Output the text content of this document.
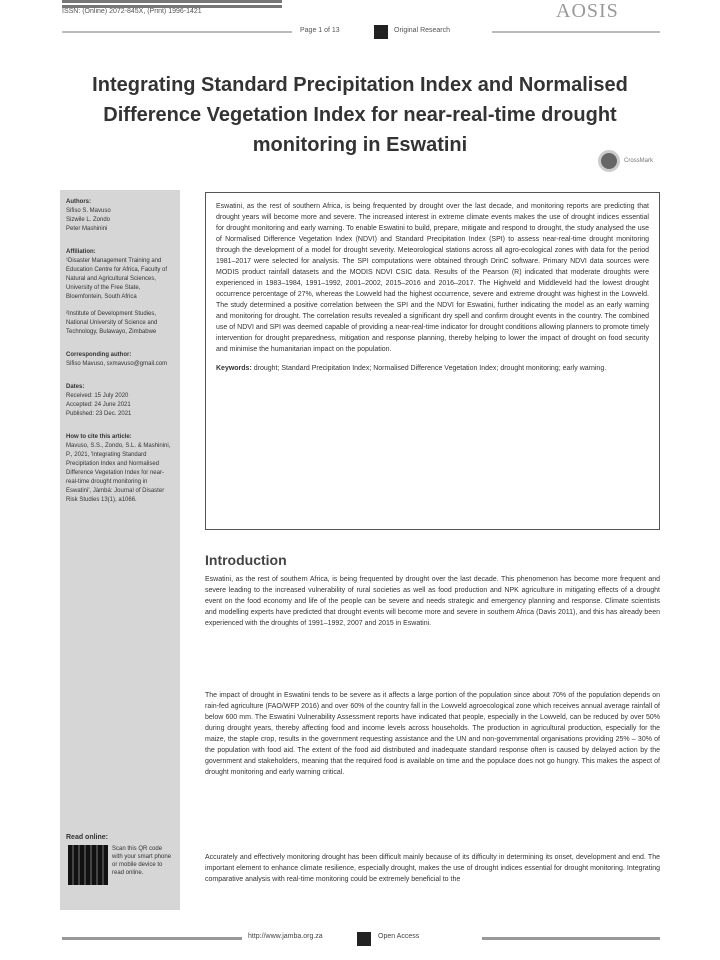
ISSN: (Online) 2072-845X, (Print) 1996-1421	AOSIS
Page 1 of 13	Original Research
Integrating Standard Precipitation Index and Normalised Difference Vegetation Index for near-real-time drought monitoring in Eswatini
CrossMark
Authors:
Sifiso S. Mavuso
Sizwile L. Zondo
Peter Mashinini
Affiliation:
¹Disaster Management Training and Education Centre for Africa, Faculty of Natural and Agricultural Sciences, University of the Free State, Bloemfontein, South Africa
²Institute of Development Studies, National University of Science and Technology, Bulawayo, Zimbabwe
Corresponding author:
Sifiso Mavuso, sxmavuso@gmail.com
Dates:
Received: 15 July 2020
Accepted: 24 June 2021
Published: 23 Dec. 2021
How to cite this article:
Mavuso, S.S., Zondo, S.L. & Mashinini, P., 2021, 'Integrating Standard Precipitation Index and Normalised Difference Vegetation Index for near-real-time drought monitoring in Eswatini', Jàmbá: Journal of Disaster Risk Studies 13(1), a1066.
Read online:
Scan this QR code with your smart phone or mobile device to read online.

Eswatini, as the rest of southern Africa, is being frequented by drought over the last decade, and monitoring reports are predicting that drought years will become more and severe. The increased interest in extreme climate events makes the use of drought indices essential for drought monitoring and early warning. To enable Eswatini to build, prepare, mitigate and respond to drought, the study analysed the use of Normalised Difference Vegetation Index (NDVI) and Standard Precipitation Index (SPI) to assess near-real-time drought monitoring through the development of a model for drought severity. Meteorological stations across all agro-ecological zones with data for the period 1981–2017 were selected for analysis. The SPI computations were obtained through DrinC software. Primary NDVI data sources were MODIS product rainfall datasets and the MODIS NDVI CSIC data. Results of the Pearson (R) indicated that moderate droughts were experienced in 1983–1984, 1991–1992, 2001–2002, 2015–2016 and 2016–2017. The Highveld and Middleveld had the lowest drought occurrence percentage of 27%, whereas the Lowveld had the highest occurrence, severe and extreme drought was highest in the Lowveld. The study determined a positive correlation between the SPI and the NDVI for Eswatini, further indicating the model as an early warning and monitoring for drought. The correlation results revealed a significant dry spell and confirm drought events in the country. The combined use of NDVI and SPI was deemed capable of providing a near-real-time indicator for drought conditions allowing planners to promote timely intervention for drought preparedness, mitigation and response planning, thereby helping to lower the impact of drought on food security and minimise the humanitarian impact on the population.

Keywords: drought; Standard Precipitation Index; Normalised Difference Vegetation Index; drought monitoring; early warning.

Introduction

Eswatini, as the rest of southern Africa, is being frequented by drought over the last decade. This phenomenon has become more frequent and severe leading to the increased vulnerability of rural societies as well as food production and NPK agriculture in mitigating effects of a drought event on the food economy and life of the people can be severe and needs strategic and emergency planning and response. Climate scientists and modelling experts have predicted that drought events will become more and severe in southern Africa (Davis 2011), and this has already been experienced with the droughts of 1991–1992, 2007 and 2015 in Eswatini.

The impact of drought in Eswatini tends to be severe as it affects a large portion of the population since about 70% of the population depends on rain-fed agriculture (FAO/WFP 2016) and over 60% of the country fall in the Lowveld agroecological zone which receives annual average rainfall of below 600 mm. The Eswatini Vulnerability Assessment reports have indicated that people, especially in the Lowveld, can be reduced by over 50% during drought years, thereby affecting food and income levels across households. The production in agricultural production, especially for the maize, the staple crop, results in the government requesting assistance and the UN and non-governmental organisations providing 25% – 30% of the population with food aid. The extent of the food aid distributed and inadequate standard response often is caused by delayed action by the government and stakeholders, meaning that the required food is available on time and the populace does not go hungry. This makes the aspect of drought monitoring and early warning critical.

Accurately and effectively monitoring drought has been difficult mainly because of its difficulty in determining its onset, development and end. The important element to enhance climate resilience, especially drought, makes the use of drought indices essential for drought monitoring. Integrating comparative analysis with real-time monitoring could be extremely beneficial to the

http://www.jamba.org.za	Open Access
